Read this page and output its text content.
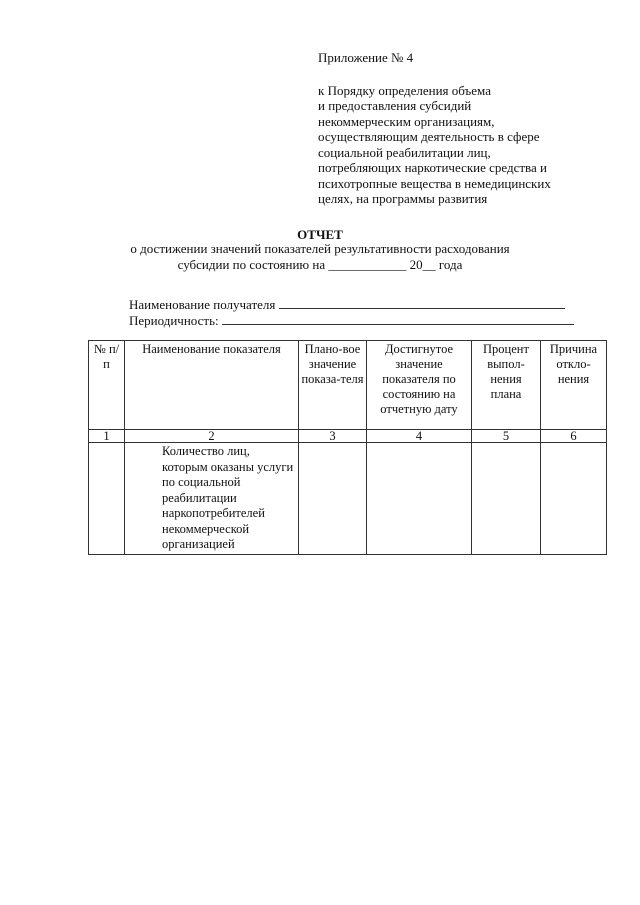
Приложение № 4
к Порядку определения объема
и предоставления субсидий
некоммерческим организациям,
осуществляющим деятельность в сфере
социальной реабилитации лиц,
потребляющих наркотические средства и
психотропные вещества в немедицинских
целях, на программы развития
ОТЧЕТ
о достижении значений показателей результативности расходования
субсидии по состоянию на ____________ 20__ года
Наименование получателя
Периодичность:
№ п/п	Наименование показателя	Плано-вое значение показа-теля	Достигнутое значение показателя по состоянию на отчетную дату	Процент выпол-нения плана	Причина откло-нения
1	2	3	4	5	6
	Количество лиц, которым оказаны услуги по социальной реабилитации наркопотребителей некоммерческой организацией				
